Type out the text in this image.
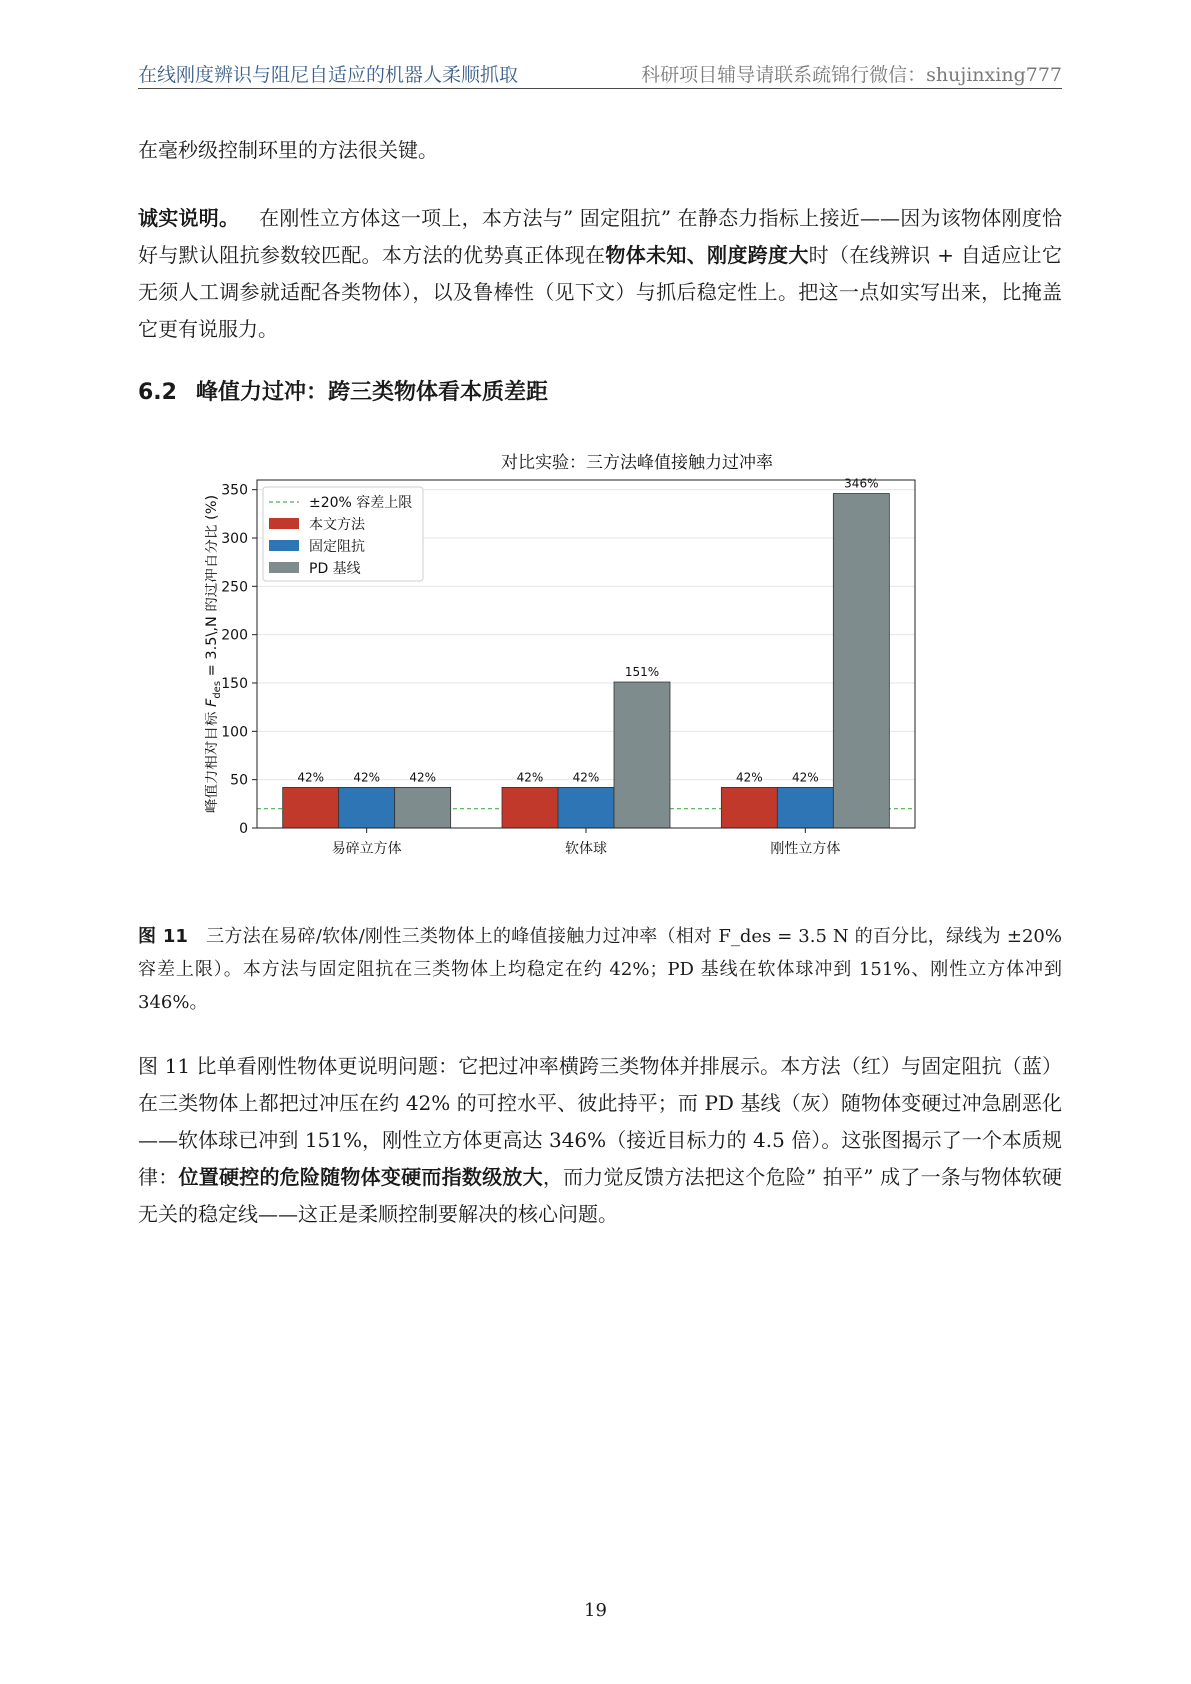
在线刚度辨识与阻尼自适应的机器人柔顺抓取	科研项目辅导请联系疏锦行微信：shujinxing777

在毫秒级控制环里的方法很关键。

诚实说明。 在刚性立方体这一项上，本方法与” 固定阻抗” 在静态力指标上接近——因为该物体刚度恰好与默认阻抗参数较匹配。本方法的优势真正体现在物体未知、刚度跨度大时（在线辨识 + 自适应让它无须人工调参就适配各类物体），以及鲁棒性（见下文）与抓后稳定性上。把这一点如实写出来，比掩盖它更有说服力。

6.2 峰值力过冲：跨三类物体看本质差距
对比实验：三方法峰值接触力过冲率
42% 42% 42%	42% 42%
151%
42% 42%
346%
0
50
100
150
200
250
300
350
易碎立方体	软体球	刚性立方体
峰值力相对目标 $F_{des}$ = 3.5\,N 的过冲百分比 (%)	±20% 容差上限
本文方法
固定阻抗
PD 基线

图 11 三方法在易碎/软体/刚性三类物体上的峰值接触力过冲率（相对 F_des = 3.5 N 的百分比，绿线为 ±20% 容差上限）。本方法与固定阻抗在三类物体上均稳定在约 42%；PD 基线在软体球冲到 151%、刚性立方体冲到 346%。

图 11 比单看刚性物体更说明问题：它把过冲率横跨三类物体并排展示。本方法（红）与固定阻抗（蓝）在三类物体上都把过冲压在约 42% 的可控水平、彼此持平；而 PD 基线（灰）随物体变硬过冲急剧恶化——软体球已冲到 151%，刚性立方体更高达 346%（接近目标力的 4.5 倍）。这张图揭示了一个本质规律：位置硬控的危险随物体变硬而指数级放大，而力觉反馈方法把这个危险” 拍平” 成了一条与物体软硬无关的稳定线——这正是柔顺控制要解决的核心问题。

19
